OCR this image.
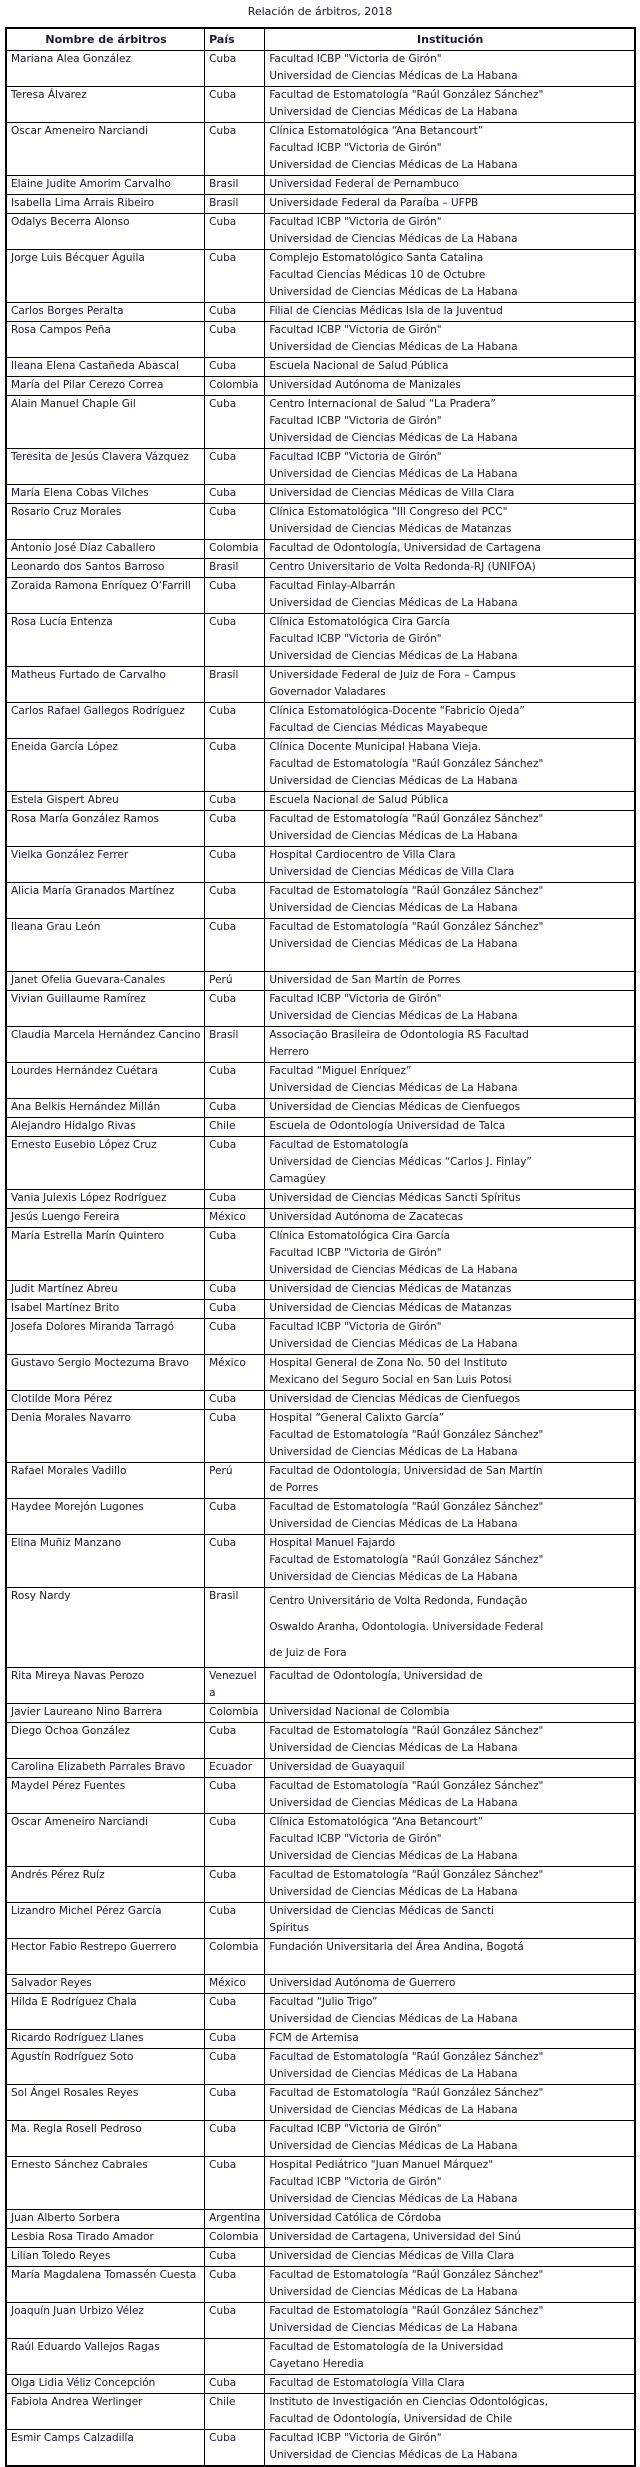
Relación de árbitros, 2018
Nombre de árbitros	País	Institución
Mariana Alea González	Cuba	Facultad ICBP "Victoria de Girón"
Universidad de Ciencias Médicas de La Habana

Teresa Álvarez	Cuba	Facultad de Estomatología "Raúl González Sánchez"
Universidad de Ciencias Médicas de La Habana

Oscar Ameneiro Narciandi	Cuba	Clínica Estomatológica “Ana Betancourt”
Facultad ICBP "Victoria de Girón"
Universidad de Ciencias Médicas de La Habana

Elaine Judite Amorim Carvalho	Brasil	Universidad Federal de Pernambuco

Isabella Lima Arrais Ribeiro	Brasil	Universidade Federal da Paraíba – UFPB

Odalys Becerra Alonso	Cuba	Facultad ICBP "Victoria de Girón"
Universidad de Ciencias Médicas de La Habana

Jorge Luis Bécquer Águila	Cuba	Complejo Estomatológico Santa Catalina
Facultad Ciencias Médicas 10 de Octubre
Universidad de Ciencias Médicas de La Habana

Carlos Borges Peralta	Cuba	Filial de Ciencias Médicas Isla de la Juventud

Rosa Campos Peña	Cuba	Facultad ICBP "Victoria de Girón"
Universidad de Ciencias Médicas de La Habana

Ileana Elena Castañeda Abascal	Cuba	Escuela Nacional de Salud Pública

María del Pilar Cerezo Correa	Colombia	Universidad Autónoma de Manizales

Alain Manuel Chaple Gil	Cuba	Centro Internacional de Salud “La Pradera”
Facultad ICBP "Victoria de Girón"
Universidad de Ciencias Médicas de La Habana

Teresita de Jesús Clavera Vázquez	Cuba	Facultad ICBP "Victoria de Girón"
Universidad de Ciencias Médicas de La Habana

María Elena Cobas Vilches	Cuba	Universidad de Ciencias Médicas de Villa Clara

Rosario Cruz Morales	Cuba	Clínica Estomatológica "III Congreso del PCC"
Universidad de Ciencias Médicas de Matanzas

Antonio José Díaz Caballero	Colombia	Facultad de Odontología, Universidad de Cartagena

Leonardo dos Santos Barroso	Brasil	Centro Universitario de Volta Redonda-RJ (UNIFOA)

Zoraida Ramona Enríquez O’Farrill	Cuba	Facultad Finlay-Albarrán
Universidad de Ciencias Médicas de La Habana

Rosa Lucía Entenza	Cuba	Clínica Estomatológica Cira García
Facultad ICBP "Victoria de Girón"
Universidad de Ciencias Médicas de La Habana

Matheus Furtado de Carvalho	Brasil	Universidade Federal de Juiz de Fora – Campus
Governador Valadares

Carlos Rafael Gallegos Rodríguez	Cuba	Clínica Estomatológica-Docente “Fabricio Ojeda”
Facultad de Ciencias Médicas Mayabeque

Eneida García López	Cuba	Clínica Docente Municipal Habana Vieja.
Facultad de Estomatología "Raúl González Sánchez"
Universidad de Ciencias Médicas de La Habana

Estela Gispert Abreu	Cuba	Escuela Nacional de Salud Pública

Rosa María González Ramos	Cuba	Facultad de Estomatología "Raúl González Sánchez"
Universidad de Ciencias Médicas de La Habana

Vielka González Ferrer	Cuba	Hospital Cardiocentro de Villa Clara
Universidad de Ciencias Médicas de Villa Clara

Alicia María Granados Martínez	Cuba	Facultad de Estomatología "Raúl González Sánchez"
Universidad de Ciencias Médicas de La Habana

Ileana Grau León	Cuba	Facultad de Estomatología "Raúl González Sánchez"
Universidad de Ciencias Médicas de La Habana

Janet Ofelia Guevara-Canales	Perú	Universidad de San Martín de Porres

Vivian Guillaume Ramírez	Cuba	Facultad ICBP "Victoria de Girón"
Universidad de Ciencias Médicas de La Habana

Claudia Marcela Hernández Cancino	Brasil	Associação Brasileira de Odontologia RS Facultad
Herrero

Lourdes Hernández Cuétara	Cuba	Facultad “Miguel Enríquez”
Universidad de Ciencias Médicas de La Habana

Ana Belkis Hernández Millán	Cuba	Universidad de Ciencias Médicas de Cienfuegos

Alejandro Hidalgo Rivas	Chile	Escuela de Odontología Universidad de Talca

Ernesto Eusebio López Cruz	Cuba	Facultad de Estomatología
Universidad de Ciencias Médicas “Carlos J. Finlay”
Camagüey

Vania Julexis López Rodríguez	Cuba	Universidad de Ciencias Médicas Sancti Spíritus

Jesús Luengo Fereira	México	Universidad Autónoma de Zacatecas

María Estrella Marín Quintero	Cuba	Clínica Estomatológica Cira García
Facultad ICBP "Victoria de Girón"
Universidad de Ciencias Médicas de La Habana

Judit Martínez Abreu	Cuba	Universidad de Ciencias Médicas de Matanzas

Isabel Martínez Brito	Cuba	Universidad de Ciencias Médicas de Matanzas

Josefa Dolores Miranda Tarragó	Cuba	Facultad ICBP "Victoria de Girón"
Universidad de Ciencias Médicas de La Habana

Gustavo Sergio Moctezuma Bravo	México	Hospital General de Zona No. 50 del Instituto
Mexicano del Seguro Social en San Luis Potosi

Clotilde Mora Pérez	Cuba	Universidad de Ciencias Médicas de Cienfuegos

Denia Morales Navarro	Cuba	Hospital “General Calixto García”
Facultad de Estomatología "Raúl González Sánchez"
Universidad de Ciencias Médicas de La Habana

Rafael Morales Vadillo	Perú	Facultad de Odontología, Universidad de San Martín
de Porres

Haydee Morejón Lugones	Cuba	Facultad de Estomatología "Raúl González Sánchez"
Universidad de Ciencias Médicas de La Habana

Elina Muñiz Manzano	Cuba	Hospital Manuel Fajardo
Facultad de Estomatología "Raúl González Sánchez"
Universidad de Ciencias Médicas de La Habana

Rosy Nardy	Brasil	Centro Universitário de Volta Redonda, Fundação
Oswaldo Aranha, Odontologia. Universidade Federal
de Juiz de Fora

Rita Mireya Navas Perozo	Venezuela	Facultad de Odontología, Universidad de

Javier Laureano Nino Barrera	Colombia	Universidad Nacional de Colombia

Diego Ochoa González	Cuba	Facultad de Estomatología "Raúl González Sánchez"
Universidad de Ciencias Médicas de La Habana

Carolina Elizabeth Parrales Bravo	Ecuador	Universidad de Guayaquil

Maydel Pérez Fuentes	Cuba	Facultad de Estomatología "Raúl González Sánchez"
Universidad de Ciencias Médicas de La Habana

Oscar Ameneiro Narciandi	Cuba	Clínica Estomatológica “Ana Betancourt”
Facultad ICBP "Victoria de Girón"
Universidad de Ciencias Médicas de La Habana

Andrés Pérez Ruíz	Cuba	Facultad de Estomatología "Raúl González Sánchez"
Universidad de Ciencias Médicas de La Habana

Lizandro Michel Pérez García	Cuba	Universidad de Ciencias Médicas de Sancti
Spíritus

Hector Fabio Restrepo Guerrero	Colombia	Fundación Universitaria del Área Andina, Bogotá

Salvador Reyes	México	Universidad Autónoma de Guerrero

Hilda E Rodríguez Chala	Cuba	Facultad “Julio Trigo”
Universidad de Ciencias Médicas de La Habana

Ricardo Rodríguez Llanes	Cuba	FCM de Artemisa

Agustín Rodríguez Soto	Cuba	Facultad de Estomatología "Raúl González Sánchez"
Universidad de Ciencias Médicas de La Habana

Sol Ángel Rosales Reyes	Cuba	Facultad de Estomatología "Raúl González Sánchez"
Universidad de Ciencias Médicas de La Habana

Ma. Regla Rosell Pedroso	Cuba	Facultad ICBP "Victoria de Girón"
Universidad de Ciencias Médicas de La Habana

Ernesto Sánchez Cabrales	Cuba	Hospital Pediátrico "Juan Manuel Márquez"
Facultad ICBP "Victoria de Girón"
Universidad de Ciencias Médicas de La Habana

Juan Alberto Sorbera	Argentina	Universidad Católica de Córdoba

Lesbia Rosa Tirado Amador	Colombia	Universidad de Cartagena, Universidad del Sinú

Lilian Toledo Reyes	Cuba	Universidad de Ciencias Médicas de Villa Clara

María Magdalena Tomassén Cuesta	Cuba	Facultad de Estomatología "Raúl González Sánchez"
Universidad de Ciencias Médicas de La Habana

Joaquín Juan Urbizo Vélez	Cuba	Facultad de Estomatología "Raúl González Sánchez"
Universidad de Ciencias Médicas de La Habana

Raúl Eduardo Vallejos Ragas		Facultad de Estomatología de la Universidad
Cayetano Heredia

Olga Lidia Véliz Concepción	Cuba	Facultad de Estomatología Villa Clara

Fabiola Andrea Werlinger	Chile	Instituto de Investigación en Ciencias Odontológicas,
Facultad de Odontología, Universidad de Chile

Esmir Camps Calzadilla	Cuba	Facultad ICBP "Victoria de Girón"
Universidad de Ciencias Médicas de La Habana
